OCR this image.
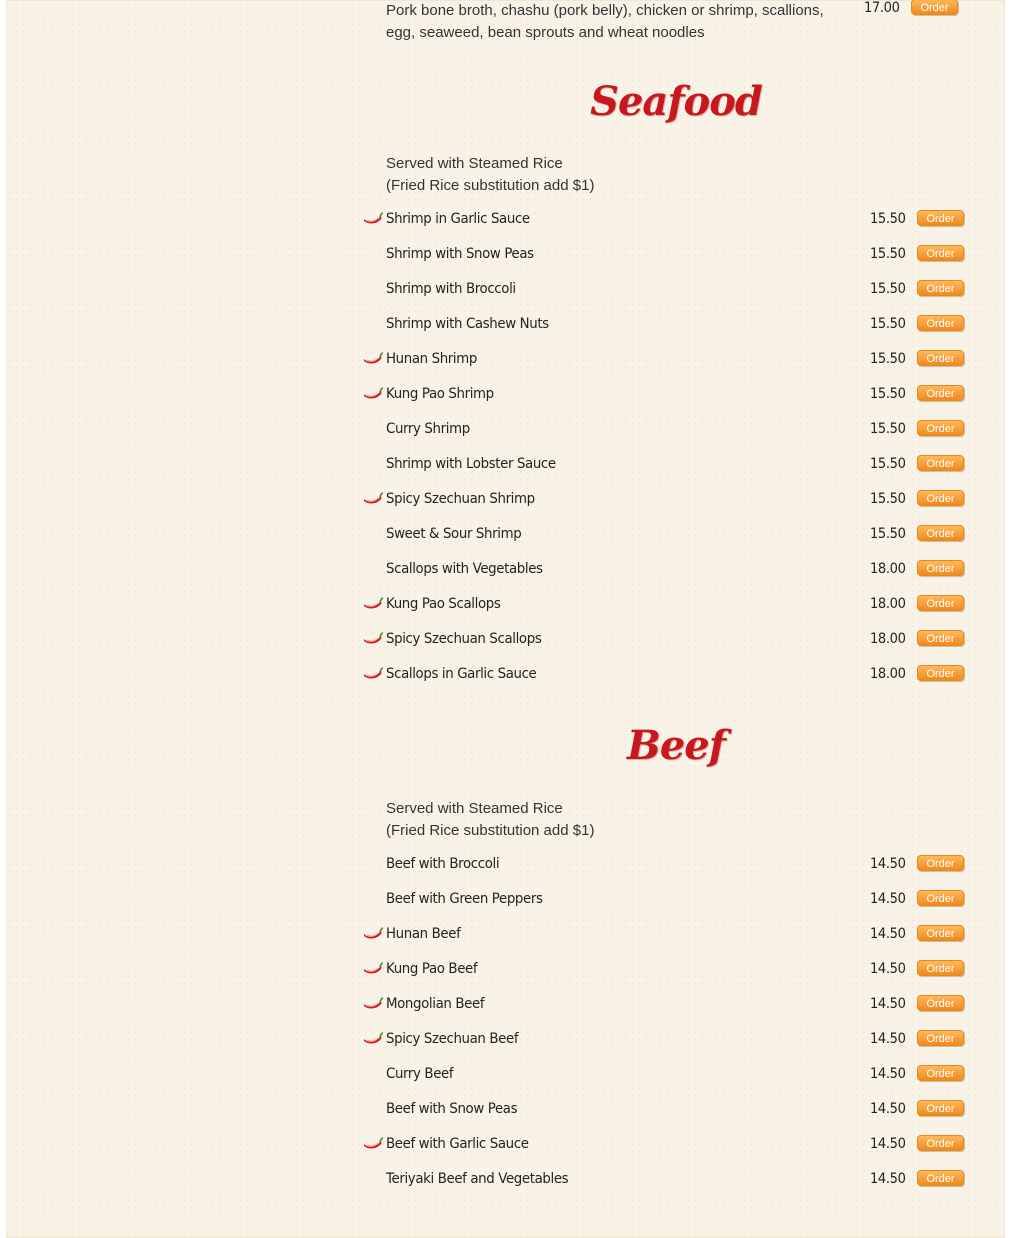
Pork bone broth, chashu (pork belly), chicken or shrimp, scallions,
egg, seaweed, bean sprouts and wheat noodles
17.00	Order
Seafood
Served with Steamed Rice
(Fried Rice substitution add $1)
Shrimp in Garlic Sauce	15.50	Order
Shrimp with Snow Peas	15.50	Order
Shrimp with Broccoli	15.50	Order
Shrimp with Cashew Nuts	15.50	Order
Hunan Shrimp	15.50	Order
Kung Pao Shrimp	15.50	Order
Curry Shrimp	15.50	Order
Shrimp with Lobster Sauce	15.50	Order
Spicy Szechuan Shrimp	15.50	Order
Sweet & Sour Shrimp	15.50	Order
Scallops with Vegetables	18.00	Order
Kung Pao Scallops	18.00	Order
Spicy Szechuan Scallops	18.00	Order
Scallops in Garlic Sauce	18.00	Order
Beef
Served with Steamed Rice
(Fried Rice substitution add $1)
Beef with Broccoli	14.50	Order
Beef with Green Peppers	14.50	Order
Hunan Beef	14.50	Order
Kung Pao Beef	14.50	Order
Mongolian Beef	14.50	Order
Spicy Szechuan Beef	14.50	Order
Curry Beef	14.50	Order
Beef with Snow Peas	14.50	Order
Beef with Garlic Sauce	14.50	Order
Teriyaki Beef and Vegetables	14.50	Order
